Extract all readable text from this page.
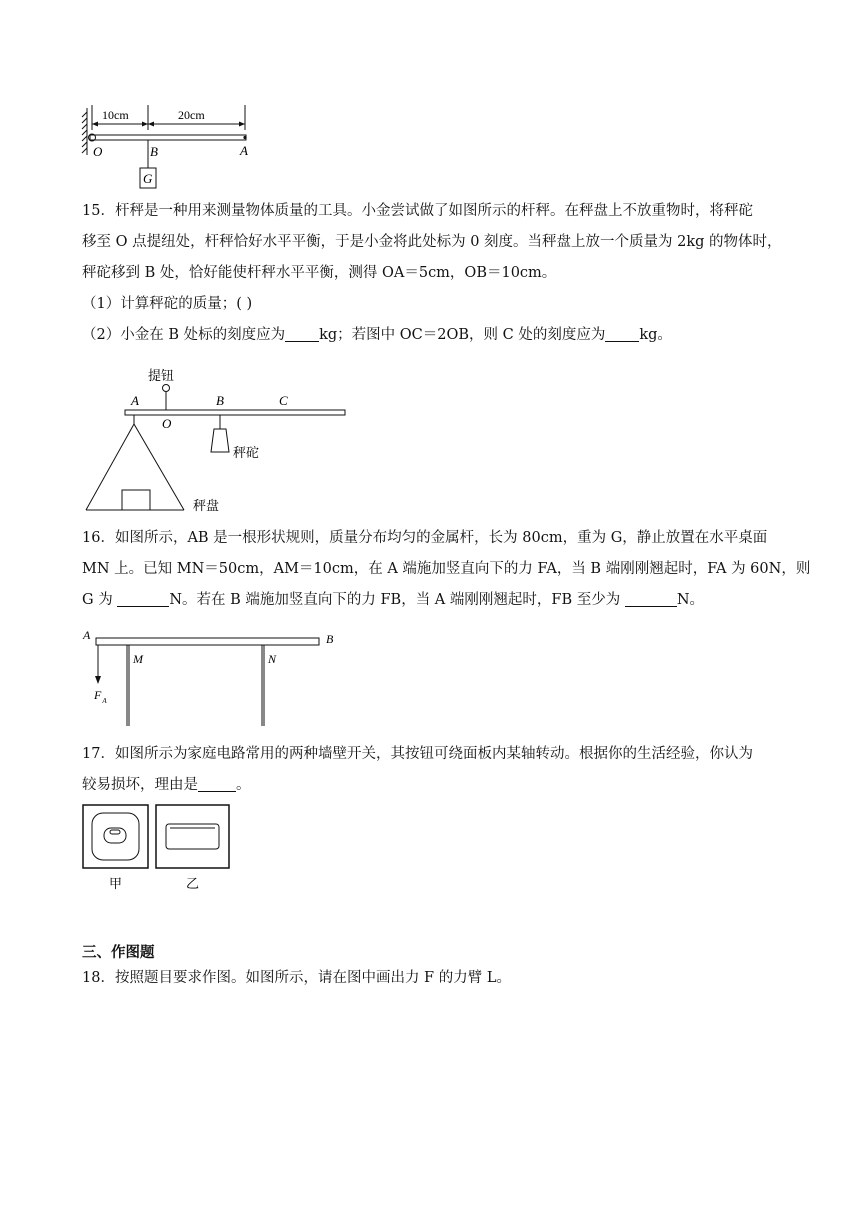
10cm	20cm
O	B	A
G
15．杆秤是一种用来测量物体质量的工具。小金尝试做了如图所示的杆秤。在秤盘上不放重物时，将秤砣
移至 O 点提纽处，杆秤恰好水平平衡，于是小金将此处标为 0 刻度。当秤盘上放一个质量为 2kg 的物体时，
秤砣移到 B 处，恰好能使杆秤水平平衡，测得 OA＝5cm，OB＝10cm。
（1）计算秤砣的质量；( )
（2）小金在 B 处标的刻度应为 kg；若图中 OC＝2OB，则 C 处的刻度应为 kg。
提钮
A	B	C
O
秤砣
秤盘
16．如图所示，AB 是一根形状规则，质量分布均匀的金属杆，长为 80cm，重为 G，静止放置在水平桌面
MN 上。已知 MN＝50cm，AM＝10cm，在 A 端施加竖直向下的力 FA，当 B 端刚刚翘起时，FA 为 60N，则
G 为	N。若在 B 端施加竖直向下的力 FB，当 A 端刚刚翘起时，FB 至少为	N。
A	B
M	N
$F_A$
17．如图所示为家庭电路常用的两种墙壁开关，其按钮可绕面板内某轴转动。根据你的生活经验，你认为
较易损坏，理由是	。
甲	乙
三、作图题
18．按照题目要求作图。如图所示，请在图中画出力 F 的力臂 L。
